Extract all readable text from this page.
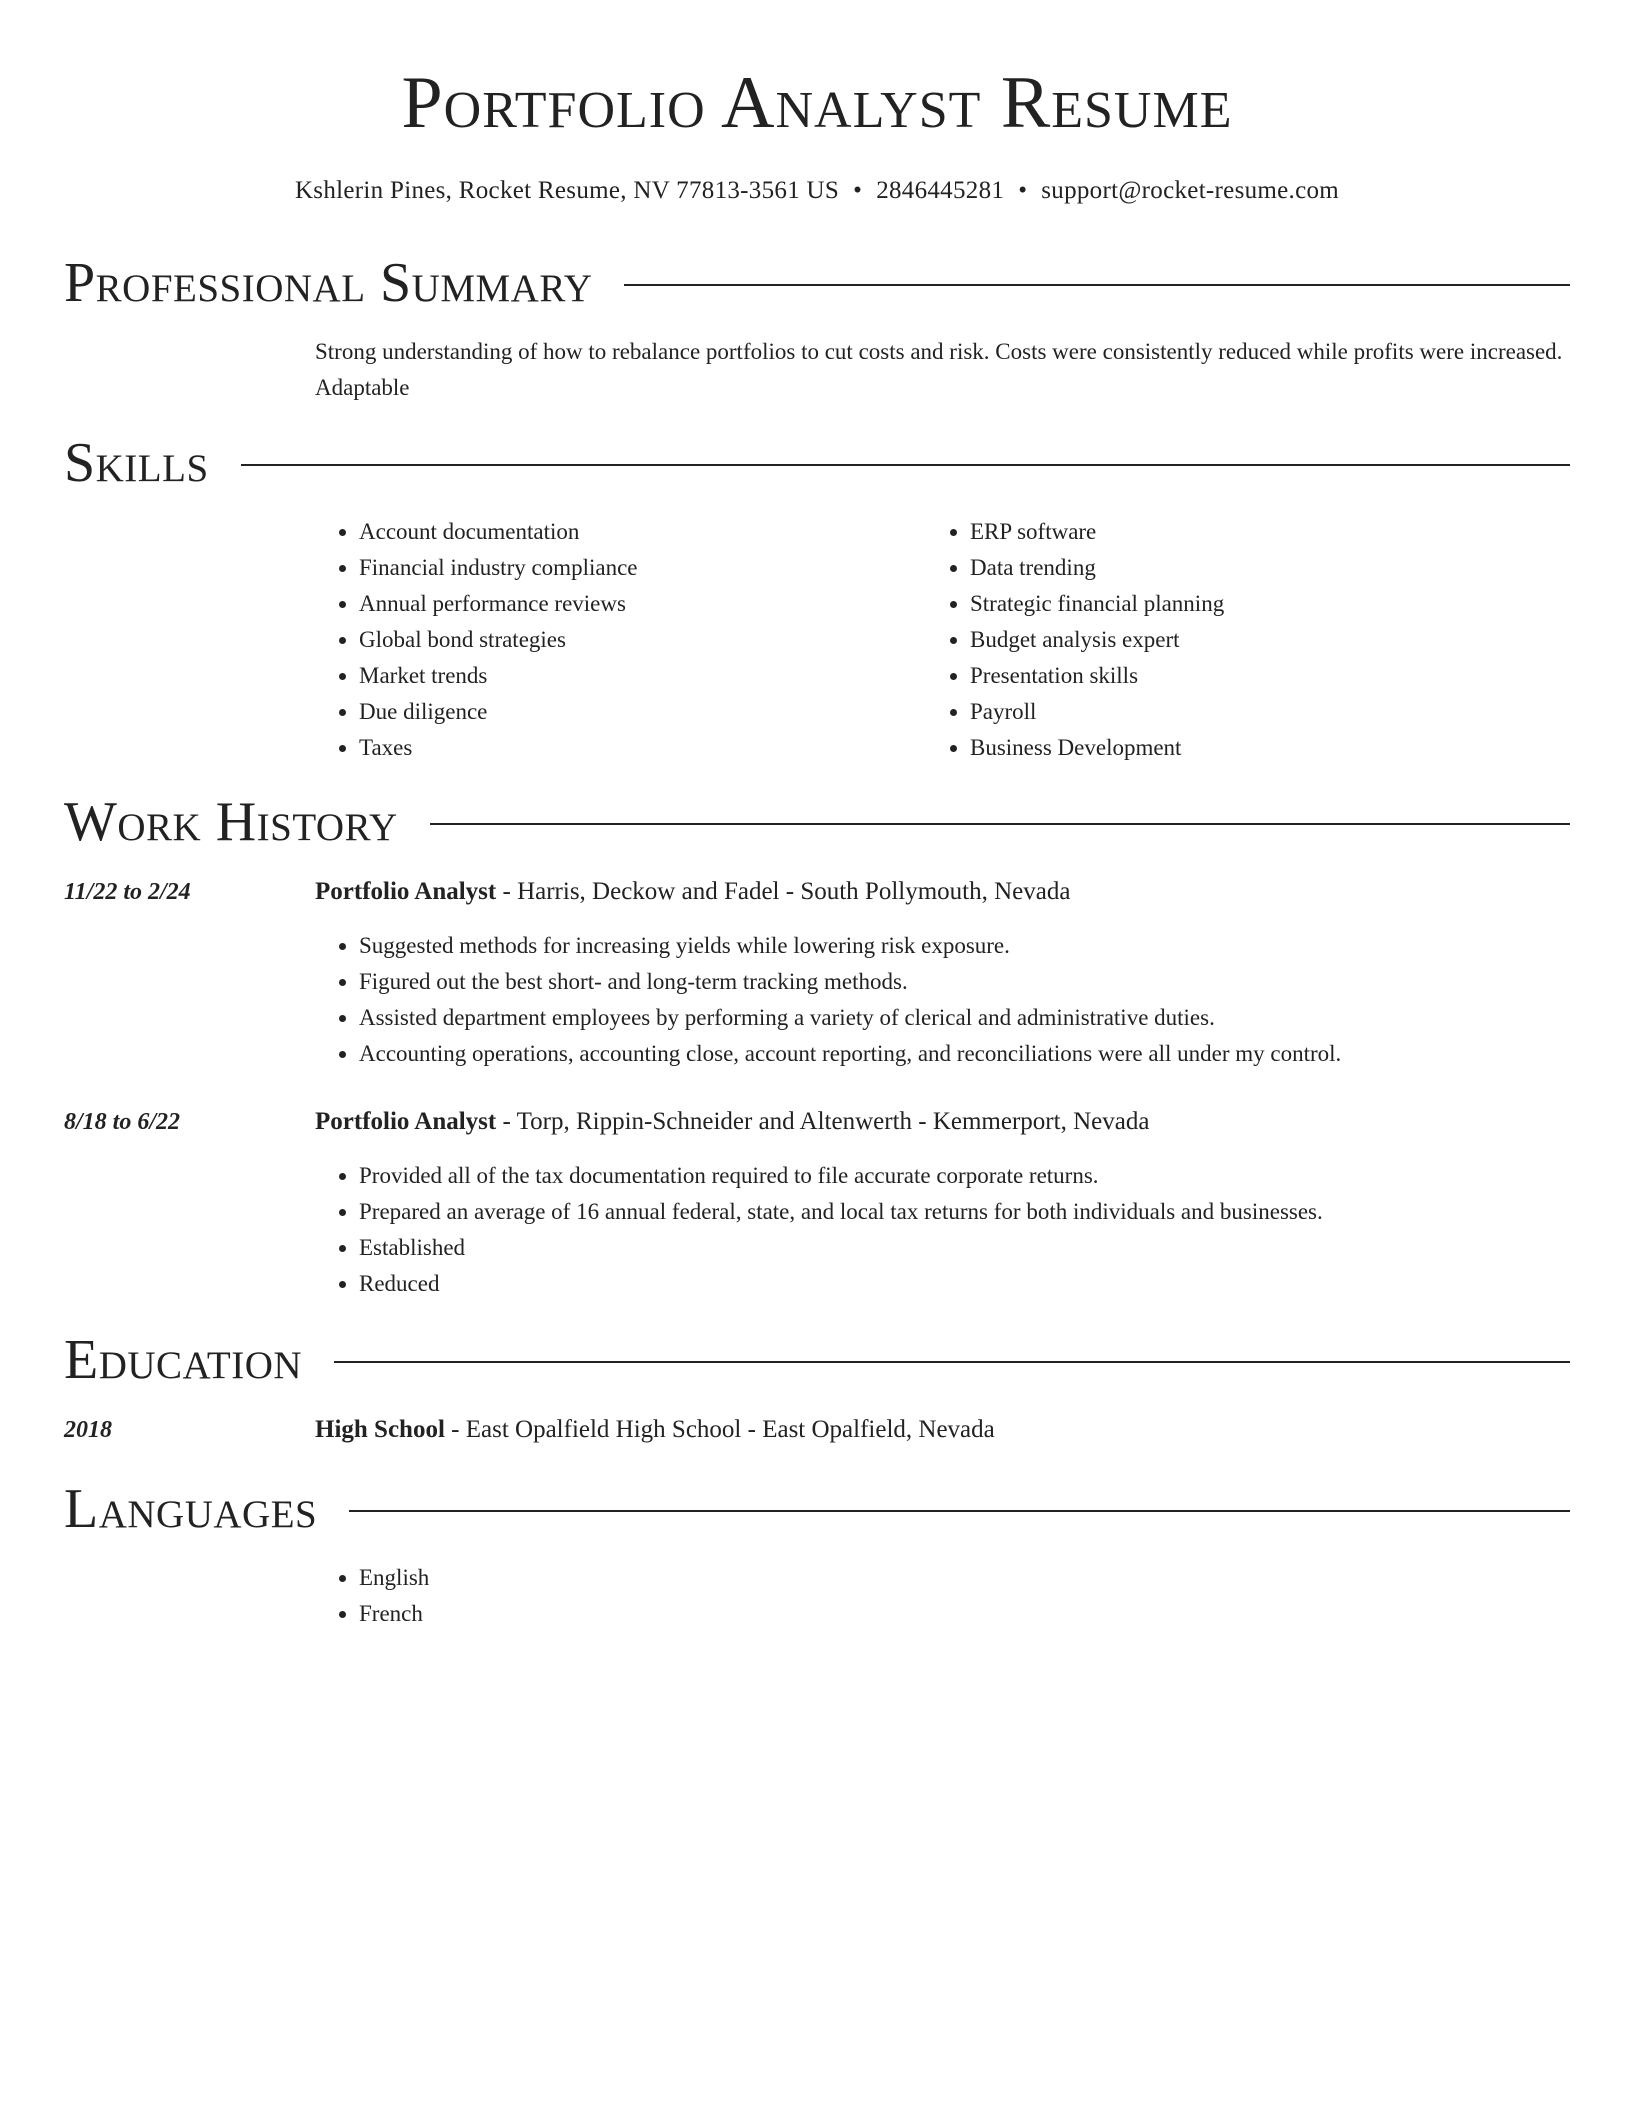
Portfolio Analyst Resume
Kshlerin Pines, Rocket Resume, NV 77813-3561 US • 2846445281 • support@rocket-resume.com
Professional Summary
Strong understanding of how to rebalance portfolios to cut costs and risk. Costs were consistently reduced while profits were increased. Adaptable
Skills
• Account documentation
• Financial industry compliance
• Annual performance reviews
• Global bond strategies
• Market trends
• Due diligence
• Taxes
• ERP software
• Data trending
• Strategic financial planning
• Budget analysis expert
• Presentation skills
• Payroll
• Business Development
Work History
11/22 to 2/24	Portfolio Analyst - Harris, Deckow and Fadel - South Pollymouth, Nevada
• Suggested methods for increasing yields while lowering risk exposure.
• Figured out the best short- and long-term tracking methods.
• Assisted department employees by performing a variety of clerical and administrative duties.
• Accounting operations, accounting close, account reporting, and reconciliations were all under my control.
8/18 to 6/22	Portfolio Analyst - Torp, Rippin-Schneider and Altenwerth - Kemmerport, Nevada
• Provided all of the tax documentation required to file accurate corporate returns.
• Prepared an average of 16 annual federal, state, and local tax returns for both individuals and businesses.
• Established
• Reduced
Education
2018	High School - East Opalfield High School - East Opalfield, Nevada
Languages
• English
• French
